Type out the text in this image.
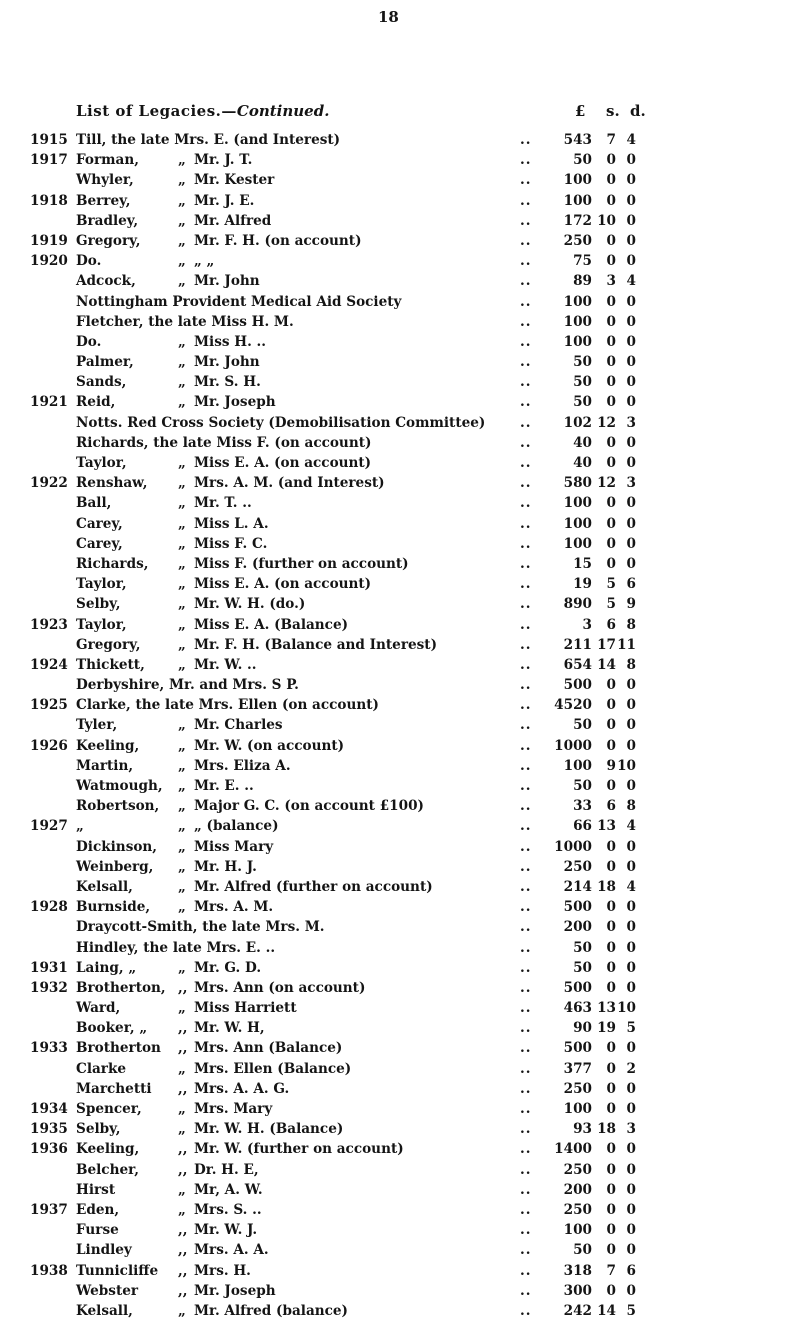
18
List of Legacies.—Continued.	£ s. d.
1915 Till, the late Mrs. E. (and Interest)	.. 543 7 4
1917 Forman,	„ Mr. J. T.	..	50 0 0
Whyler,	„ Mr. Kester	.. 100 0 0
1918 Berrey,	„ Mr. J. E.	.. 100 0 0
Bradley,	„ Mr. Alfred	.. 172 10 0
1919 Gregory,	„ Mr. F. H. (on account)	.. 250 0 0
1920 Do.	„ „ „	..	75 0 0
Adcock,	„ Mr. John	..	89 3 4
Nottingham Provident Medical Aid Society	.. 100 0 0
Fletcher, the late Miss H. M.	.. 100 0 0
Do.	„ Miss H. ..	.. 100 0 0
Palmer,	„ Mr. John	..	50 0 0
Sands,	„ Mr. S. H.	..	50 0 0
1921 Reid,	„ Mr. Joseph	..	50 0 0
Notts. Red Cross Society (Demobilisation Committee)	.. 102 12 3
Richards, the late Miss F. (on account)	..	40 0 0
Taylor,	„ Miss E. A. (on account)	..	40 0 0
1922 Renshaw, „ Mrs. A. M. (and Interest)	.. 580 12 3
Ball,	„ Mr. T. ..	.. 100 0 0
Carey,	„ Miss L. A.	.. 100 0 0
Carey,	„ Miss F. C.	.. 100 0 0
Richards, „ Miss F. (further on account)	..	15 0 0
Taylor,	„ Miss E. A. (on account)	..	19 5 6
Selby,	„ Mr. W. H. (do.)	.. 890 5 9
1923 Taylor,	„ Miss E. A. (Balance)	..	3 6 8
Gregory,	„ Mr. F. H. (Balance and Interest)	.. 211 17 11
1924 Thickett, „ Mr. W. ..	.. 654 14 8
Derbyshire, Mr. and Mrs. S P.	.. 500 0 0
1925 Clarke, the late Mrs. Ellen (on account)	.. 4520 0 0
Tyler,	„ Mr. Charles	..	50 0 0
1926 Keeling,	„ Mr. W. (on account)	.. 1000 0 0
Martin,	„ Mrs. Eliza A.	.. 100 9 10
Watmough, „ Mr. E. ..	..	50 0 0
Robertson, „ Major G. C. (on account £100)	..	33 6 8
1927 „	„ „ (balance)	..	66 13 4
Dickinson, „ Miss Mary	.. 1000 0 0
Weinberg, „ Mr. H. J.	.. 250 0 0
Kelsall,	„ Mr. Alfred (further on account)	.. 214 18 4
1928 Burnside, „ Mrs. A. M.	.. 500 0 0
Draycott-Smith, the late Mrs. M.	.. 200 0 0
Hindley, the late Mrs. E. ..	..	50 0 0
1931 Laing, „	„ Mr. G. D.	..	50 0 0
1932 Brotherton, ,, Mrs. Ann (on account)	.. 500 0 0
Ward,	„ Miss Harriett	.. 463 13 10
Booker, „ ,, Mr. W. H,	..	90 19 5
1933 Brotherton ,, Mrs. Ann (Balance)	.. 500 0 0
Clarke	„ Mrs. Ellen (Balance)	.. 377 0 2
Marchetti ,, Mrs. A. A. G.	.. 250 0 0
1934 Spencer,	„ Mrs. Mary	.. 100 0 0
1935 Selby,	„ Mr. W. H. (Balance)	..	93 18 3
1936 Keeling,	,, Mr. W. (further on account)	.. 1400 0 0
Belcher,	,, Dr. H. E,	.. 250 0 0
Hirst	„ Mr, A. W.	.. 200 0 0
1937 Eden,	„ Mrs. S. ..	.. 250 0 0
Furse	,, Mr. W. J.	.. 100 0 0
Lindley	,, Mrs. A. A.	..	50 0 0
1938 Tunnicliffe ,, Mrs. H.	.. 318 7 6
Webster	,, Mr. Joseph	.. 300 0 0
Kelsall,	„ Mr. Alfred (balance)	.. 242 14 5
